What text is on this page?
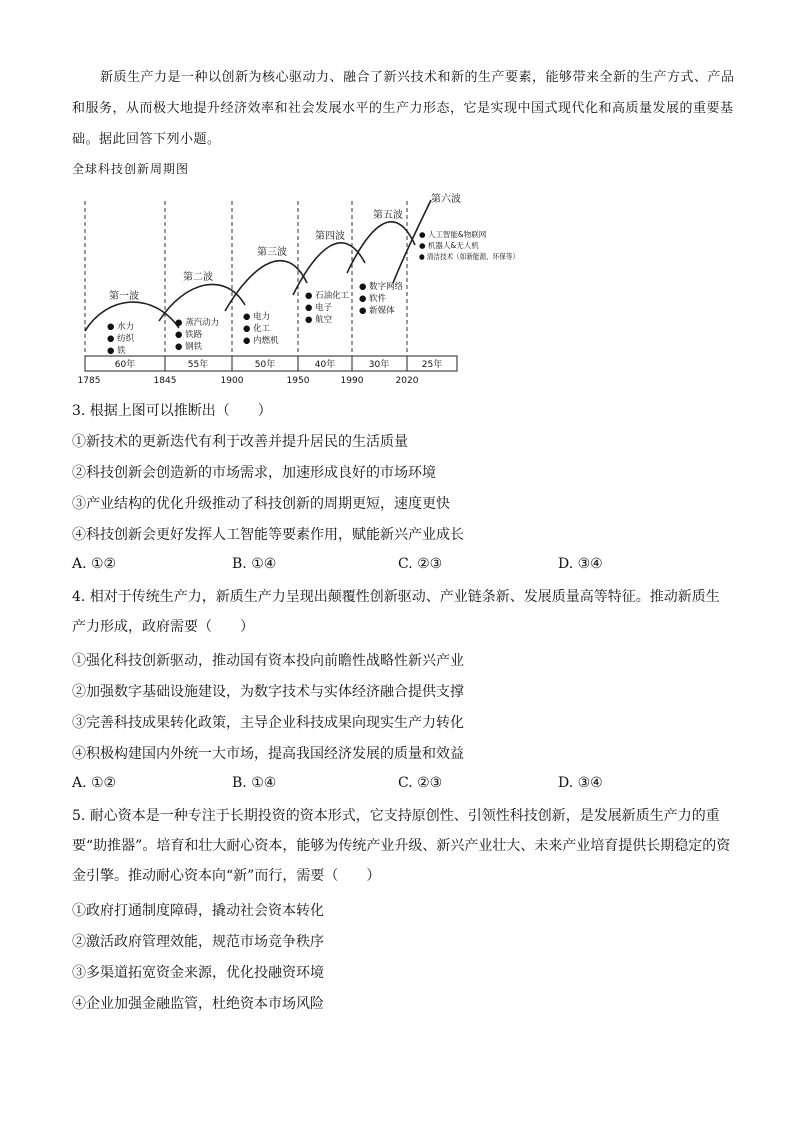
新质生产力是一种以创新为核心驱动力、融合了新兴技术和新的生产要素，能够带来全新的生产方式、产品和服务，从而极大地提升经济效率和社会发展水平的生产力形态，它是实现中国式现代化和高质量发展的重要基础。据此回答下列小题。

全球科技创新周期图
第一波
第二波
第三波
第四波
第五波
第六波
● 水力
● 纺织
● 铁
● 蒸汽动力
● 铁路
● 钢铁
● 电力
● 化工
● 内燃机
● 石油化工
● 电子
● 航空
● 数字网络
● 软件
● 新媒体
● 人工智能&物联网
● 机器人&无人机
● 清洁技术（如新能源、环保等）
60年	55年	50年	40年	30年	25年
1785	1845	1900	1950	1990	2020
3. 根据上图可以推断出（　　）
①新技术的更新迭代有利于改善并提升居民的生活质量
②科技创新会创造新的市场需求，加速形成良好的市场环境
③产业结构的优化升级推动了科技创新的周期更短，速度更快
④科技创新会更好发挥人工智能等要素作用，赋能新兴产业成长
A. ①②	B. ①④	C. ②③	D. ③④
4. 相对于传统生产力，新质生产力呈现出颠覆性创新驱动、产业链条新、发展质量高等特征。推动新质生产力形成，政府需要（　　）
①强化科技创新驱动，推动国有资本投向前瞻性战略性新兴产业
②加强数字基础设施建设，为数字技术与实体经济融合提供支撑
③完善科技成果转化政策，主导企业科技成果向现实生产力转化
④积极构建国内外统一大市场，提高我国经济发展的质量和效益
A. ①②	B. ①④	C. ②③	D. ③④
5. 耐心资本是一种专注于长期投资的资本形式，它支持原创性、引领性科技创新，是发展新质生产力的重要“助推器”。培育和壮大耐心资本，能够为传统产业升级、新兴产业壮大、未来产业培育提供长期稳定的资金引擎。推动耐心资本向“新”而行，需要（　　）
①政府打通制度障碍，撬动社会资本转化
②激活政府管理效能，规范市场竞争秩序
③多渠道拓宽资金来源，优化投融资环境
④企业加强金融监管，杜绝资本市场风险
